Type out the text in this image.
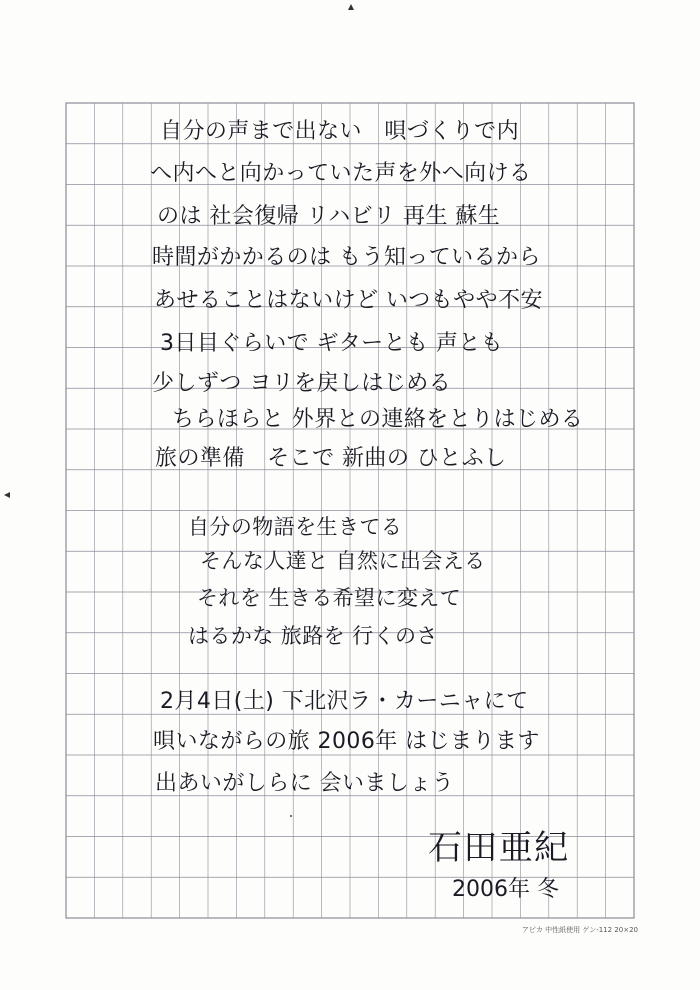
自分の声まで出ない　唄づくりで内
へ内へと向かっていた声を外へ向ける
のは 社会復帰 リハビリ 再生 蘇生
時間がかかるのは もう知っているから
あせることはないけど いつもやや不安
3日目ぐらいで ギターとも 声とも
少しずつ ヨリを戻しはじめる
ちらほらと 外界との連絡をとりはじめる
旅の準備　そこで 新曲の ひとふし
自分の物語を生きてる
そんな人達と 自然に出会える
それを 生きる希望に変えて
はるかな 旅路を 行くのさ
2月4日(土) 下北沢ラ・カーニャにて
唄いながらの旅 2006年 はじまります
出あいがしらに 会いましょう
石田亜紀
2006年 冬
アピカ 中性紙使用 ゲン-112 20×20
